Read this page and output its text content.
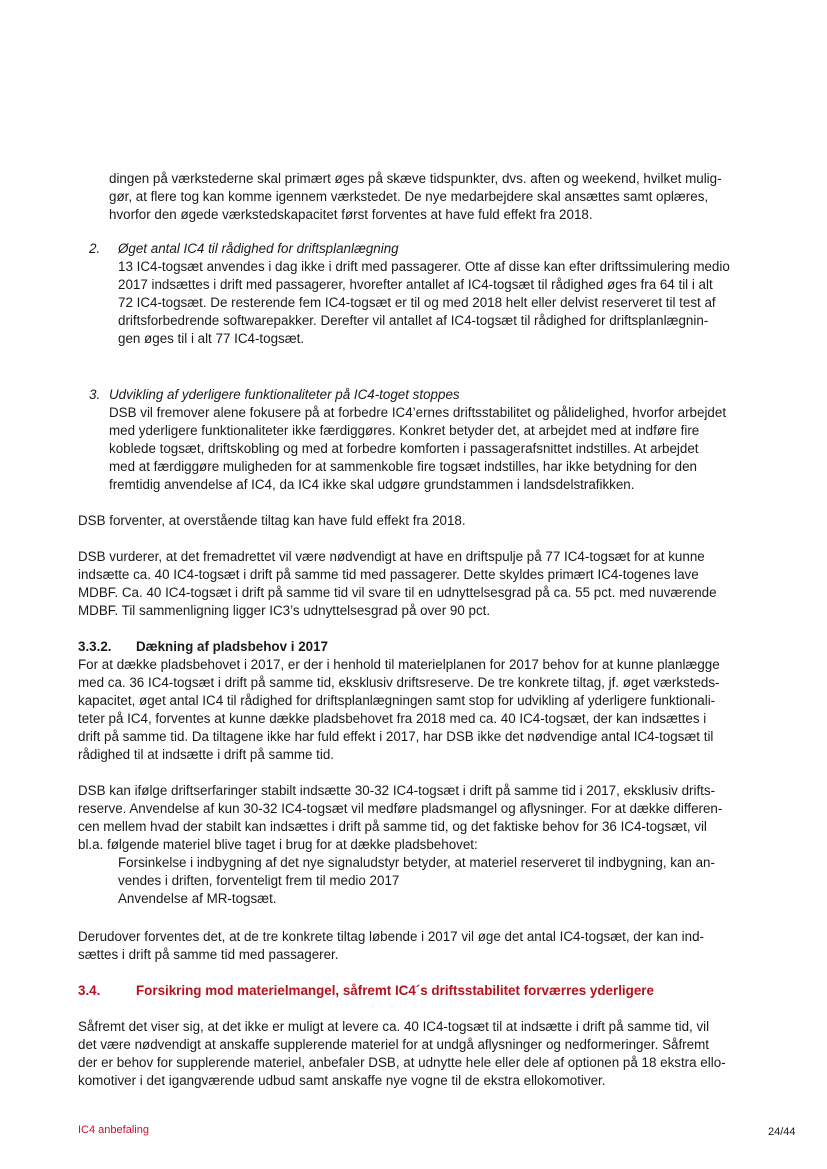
dingen på værkstederne skal primært øges på skæve tidspunkter, dvs. aften og weekend, hvilket mulig-
gør, at flere tog kan komme igennem værkstedet. De nye medarbejdere skal ansættes samt oplæres,
hvorfor den øgede værkstedskapacitet først forventes at have fuld effekt fra 2018.
2. Øget antal IC4 til rådighed for driftsplanlægning
13 IC4-togsæt anvendes i dag ikke i drift med passagerer. Otte af disse kan efter driftssimulering medio
2017 indsættes i drift med passagerer, hvorefter antallet af IC4-togsæt til rådighed øges fra 64 til i alt
72 IC4-togsæt. De resterende fem IC4-togsæt er til og med 2018 helt eller delvist reserveret til test af
driftsforbedrende softwarepakker. Derefter vil antallet af IC4-togsæt til rådighed for driftsplanlægnin-
gen øges til i alt 77 IC4-togsæt.
3. Udvikling af yderligere funktionaliteter på IC4-toget stoppes
DSB vil fremover alene fokusere på at forbedre IC4’ernes driftsstabilitet og pålidelighed, hvorfor arbejdet
med yderligere funktionaliteter ikke færdiggøres. Konkret betyder det, at arbejdet med at indføre fire
koblede togsæt, driftskobling og med at forbedre komforten i passagerafsnittet indstilles. At arbejdet
med at færdiggøre muligheden for at sammenkoble fire togsæt indstilles, har ikke betydning for den
fremtidig anvendelse af IC4, da IC4 ikke skal udgøre grundstammen i landsdelstrafikken.
DSB forventer, at overstående tiltag kan have fuld effekt fra 2018.
DSB vurderer, at det fremadrettet vil være nødvendigt at have en driftspulje på 77 IC4-togsæt for at kunne
indsætte ca. 40 IC4-togsæt i drift på samme tid med passagerer. Dette skyldes primært IC4-togenes lave
MDBF. Ca. 40 IC4-togsæt i drift på samme tid vil svare til en udnyttelsesgrad på ca. 55 pct. med nuværende
MDBF. Til sammenligning ligger IC3’s udnyttelsesgrad på over 90 pct.
3.3.2. Dækning af pladsbehov i 2017
For at dække pladsbehovet i 2017, er der i henhold til materielplanen for 2017 behov for at kunne planlægge
med ca. 36 IC4-togsæt i drift på samme tid, eksklusiv driftsreserve. De tre konkrete tiltag, jf. øget værksteds-
kapacitet, øget antal IC4 til rådighed for driftsplanlægningen samt stop for udvikling af yderligere funktionali-
teter på IC4, forventes at kunne dække pladsbehovet fra 2018 med ca. 40 IC4-togsæt, der kan indsættes i
drift på samme tid. Da tiltagene ikke har fuld effekt i 2017, har DSB ikke det nødvendige antal IC4-togsæt til
rådighed til at indsætte i drift på samme tid.
DSB kan ifølge driftserfaringer stabilt indsætte 30-32 IC4-togsæt i drift på samme tid i 2017, eksklusiv drifts-
reserve. Anvendelse af kun 30-32 IC4-togsæt vil medføre pladsmangel og aflysninger. For at dække differen-
cen mellem hvad der stabilt kan indsættes i drift på samme tid, og det faktiske behov for 36 IC4-togsæt, vil
bl.a. følgende materiel blive taget i brug for at dække pladsbehovet:
Forsinkelse i indbygning af det nye signaludstyr betyder, at materiel reserveret til indbygning, kan an-
vendes i driften, forventeligt frem til medio 2017
Anvendelse af MR-togsæt.
Derudover forventes det, at de tre konkrete tiltag løbende i 2017 vil øge det antal IC4-togsæt, der kan ind-
sættes i drift på samme tid med passagerer.
3.4.	Forsikring mod materielmangel, såfremt IC4´s driftsstabilitet forværres yderligere
Såfremt det viser sig, at det ikke er muligt at levere ca. 40 IC4-togsæt til at indsætte i drift på samme tid, vil
det være nødvendigt at anskaffe supplerende materiel for at undgå aflysninger og nedformeringer. Såfremt
der er behov for supplerende materiel, anbefaler DSB, at udnytte hele eller dele af optionen på 18 ekstra ello-
komotiver i det igangværende udbud samt anskaffe nye vogne til de ekstra ellokomotiver.
IC4 anbefaling	24/44
